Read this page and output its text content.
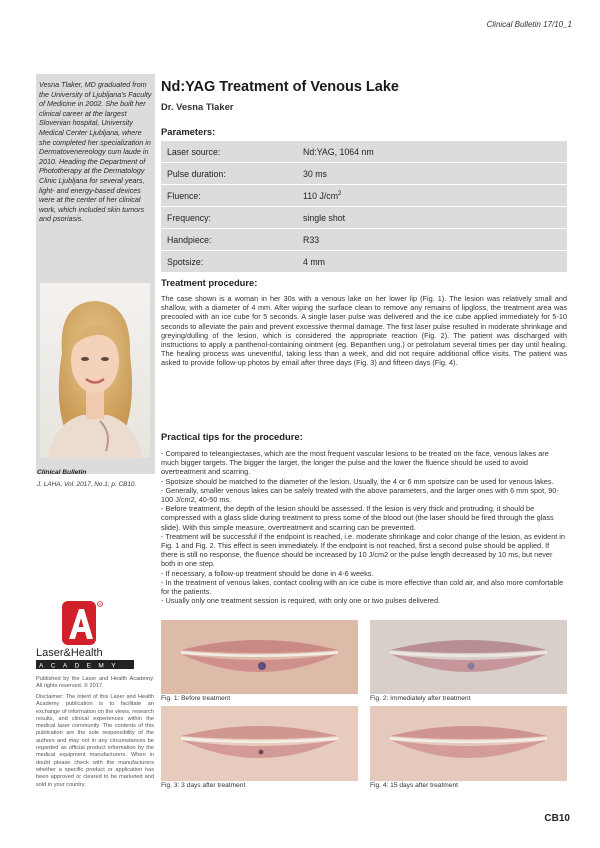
Clinical Bulletin 17/10_1
Vesna Tlaker, MD graduated from the University of Ljubljana's Faculty of Medicine in 2002. She built her clinical career at the largest Slovenian hospital, University Medical Center Ljubljana, where she completed her specialization in Dermatovenereology cum laude in 2010. Heading the Department of Phototherapy at the Dermatology Clinic Ljubljana for several years, light- and energy-based devices were at the center of her clinical work, which included skin tumors and psoriasis.
Clinical Bulletin
J. LAHA, Vol. 2017, No.1; p. CB10.
R
Laser&Health
ACADEMY
Published by the Laser and Health Academy. All rights reserved. © 2017.
Disclaimer: The intent of this Laser and Health Academy publication is to facilitate an exchange of information on the views, research results, and clinical experiences within the medical laser community. The contents of this publication are the sole responsibility of the authors and may not in any circumstances be regarded as official product information by the medical equipment manufacturers. When in doubt please check with the manufacturers whether a specific product or application has been approved or cleared to be marketed and sold in your country.
Nd:YAG Treatment of Venous Lake
Dr. Vesna Tlaker
Parameters:
Laser source:	Nd:YAG, 1064 nm
Pulse duration:	30 ms
Fluence:	110 $J/cm^2$
Frequency:	single shot
Handpiece:	R33
Spotsize:	4 mm
Treatment procedure:
The case shown is a woman in her 30s with a venous lake on her lower lip (Fig. 1). The lesion was relatively small and shallow, with a diameter of 4 mm. After wiping the surface clean to remove any remains of lipgloss, the treatment area was precooled with an ice cube for 5 seconds. A single laser pulse was delivered and the ice cube applied immediately for 5-10 seconds to alleviate the pain and prevent excessive thermal damage. The first laser pulse resulted in moderate shrinkage and greying/dulling of the lesion, which is considered the appropriate reaction (Fig. 2). The patient was discharged with instructions to apply a panthenol-containing ointment (eg. Bepanthen ung.) or petrolatum several times per day until healing. The healing process was uneventful, taking less than a week, and did not require additional office visits. The patient was asked to provide follow-up photos by email after three days (Fig. 3) and fifteen days (Fig. 4).
Practical tips for the procedure:
- Compared to teleangiectases, which are the most frequent vascular lesions to be treated on the face, venous lakes are much bigger targets. The bigger the target, the longer the pulse and the lower the fluence should be used to avoid overtreatment and scarring.
- Spotsize should be matched to the diameter of the lesion. Usually, the 4 or 6 mm spotsize can be used for venous lakes.
- Generally, smaller venous lakes can be safely treated with the above parameters, and the larger ones with 6 mm spot, 90-100 J/cm2, 40-50 ms.
- Before treatment, the depth of the lesion should be assessed. If the lesion is very thick and protruding, it should be compressed with a glass slide during treatment to press some of the blood out (the laser should be fired through the glass slide). With this simple measure, overtreatment and scarring can be prevented.
- Treatment will be successful if the endpoint is reached, i.e. moderate shrinkage and color change of the lesion, as evident in Fig. 1 and Fig. 2. This effect is seen immediately. If the endpoint is not reached, first a second pulse should be applied. If there is still no response, the fluence should be increased by 10 J/cm2 or the pulse length decreased by 10 ms, but never both in one step.
- If necessary, a follow-up treatment should be done in 4-6 weeks.
- In the treatment of venous lakes, contact cooling with an ice cube is more effective than cold air, and also more comfortable for the patients.
- Usually only one treatment session is required, with only one or two pulses delivered.
Fig. 1: Before treatment	Fig. 2: Immediately after treatment
Fig. 3: 3 days after treatment	Fig. 4: 15 days after treatment
CB10
